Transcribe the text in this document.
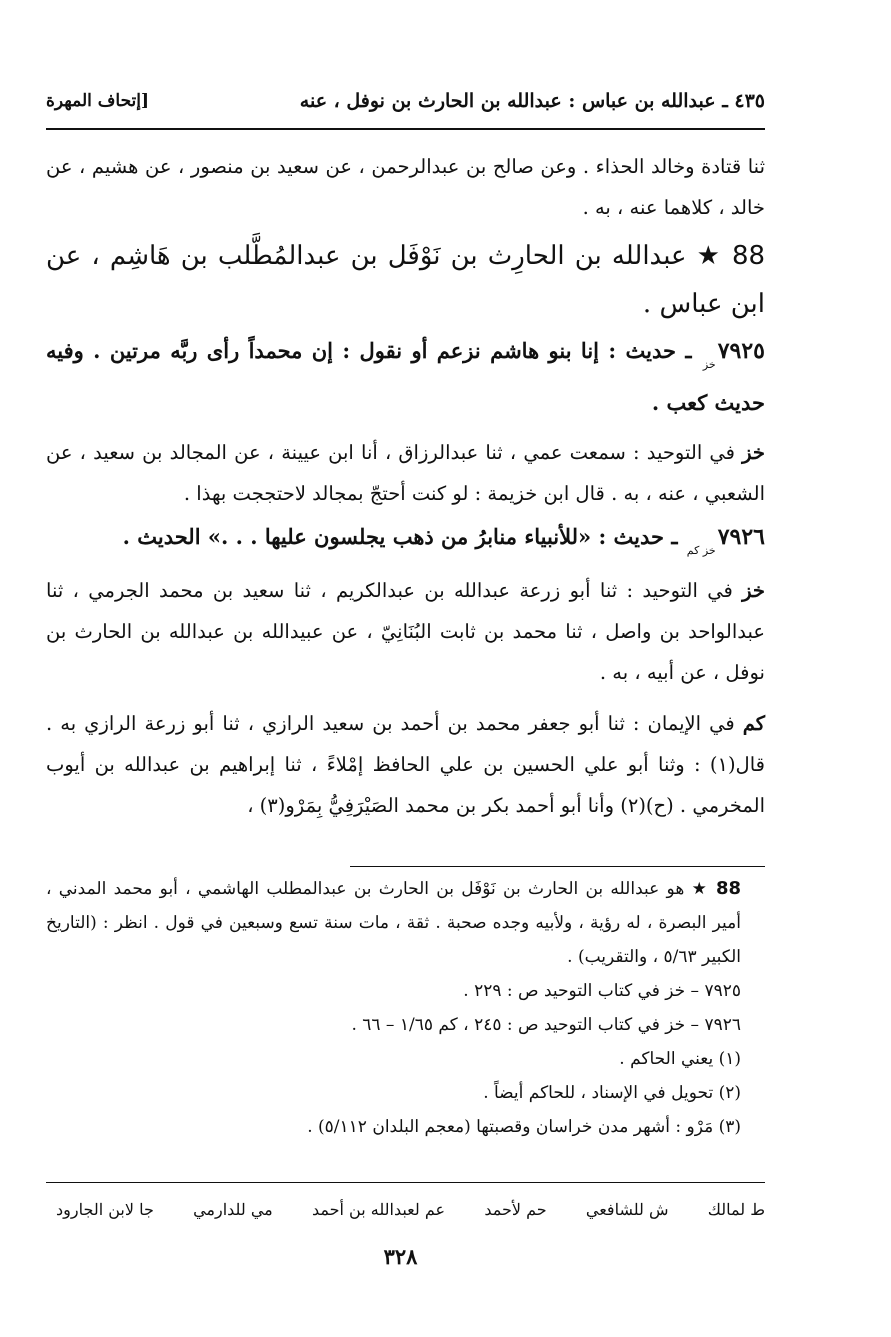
٤٣٥ ـ عبدالله بن عباس : عبدالله بن الحارث بن نوفل ، عنه
[إتحاف المهرة

ثنا قتادة وخالد الحذاء . وعن صالح بن عبدالرحمن ، عن سعيد بن منصور ، عن هشيم ، عن خالد ، كلاهما عنه ، به .

88 ★ عبدالله بن الحارِث بن نَوْفَل بن عبدالمُطَّلب بن هَاشِم ، عن ابن عباس .

$٧٩٢٥_{خز}$ ـ حديث : إنا بنو هاشم نزعم أو نقول : إن محمداً رأى ربَّه مرتين . وفيه حديث كعب .

خز في التوحيد : سمعت عمي ، ثنا عبدالرزاق ، أنا ابن عيينة ، عن المجالد بن سعيد ، عن الشعبي ، عنه ، به . قال ابن خزيمة : لو كنت أحتجّ بمجالد لاحتججت بهذا .

$٧٩٢٦_{خز كم}$ ـ حديث : «للأنبياء منابرُ من ذهب يجلسون عليها . . .» الحديث .

خز في التوحيد : ثنا أبو زرعة عبدالله بن عبدالكريم ، ثنا سعيد بن محمد الجرمي ، ثنا عبدالواحد بن واصل ، ثنا محمد بن ثابت البُنَانِيّ ، عن عبيدالله بن عبدالله بن الحارث بن نوفل ، عن أبيه ، به .

كم في الإيمان : ثنا أبو جعفر محمد بن أحمد بن سعيد الرازي ، ثنا أبو زرعة الرازي به . قال(١) : وثنا أبو علي الحسين بن علي الحافظ إمْلاءً ، ثنا إبراهيم بن عبدالله بن أيوب المخرمي . (ح)(٢) وأنا أبو أحمد بكر بن محمد الصَيْرَفِيُّ بِمَرْو(٣) ،

88 ★ هو عبدالله بن الحارث بن نَوْفَل بن الحارث بن عبدالمطلب الهاشمي ، أبو محمد المدني ، أمير البصرة ، له رؤية ، ولأبيه وجده صحبة . ثقة ، مات سنة تسع وسبعين في قول . انظر : (التاريخ الكبير ٥/٦٣ ، والتقريب) .

٧٩٢٥ – خز في كتاب التوحيد ص : ٢٢٩ .

٧٩٢٦ – خز في كتاب التوحيد ص : ٢٤٥ ، كم ١/٦٥ – ٦٦ .

(١) يعني الحاكم .

(٢) تحويل في الإسناد ، للحاكم أيضاً .

(٣) مَرْو : أشهر مدن خراسان وقصبتها (معجم البلدان ٥/١١٢) .

ط لمالك
ش للشافعي
حم لأحمد
عم لعبدالله بن أحمد
مي للدارمي
جا لابن الجارود
٣٢٨
